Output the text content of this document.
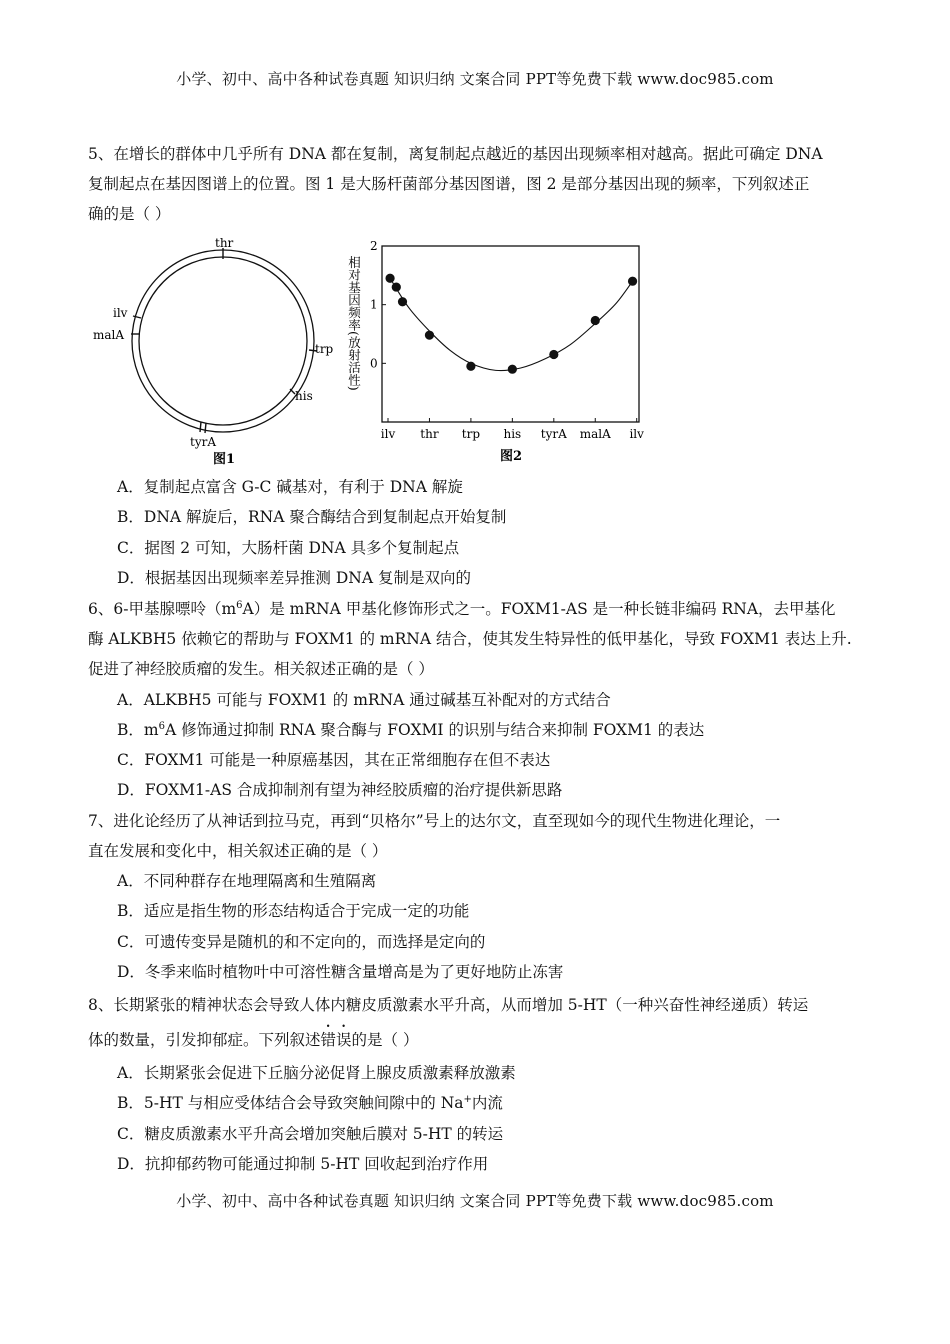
小学、初中、高中各种试卷真题 知识归纳 文案合同 PPT等免费下载 www.doc985.com
5、在增长的群体中几乎所有 DNA 都在复制，离复制起点越近的基因出现频率相对越高。据此可确定 DNA
复制起点在基因图谱上的位置。图 1 是大肠杆菌部分基因图谱，图 2 是部分基因出现的频率，下列叙述正
确的是（ ）
thr
ilv
malA
trp
his
tyrA
图1
2
1
0
ilv thr trp his tyrA malA ilv
相对基因频率(放射活性)
图2
A．复制起点富含 G-C 碱基对，有利于 DNA 解旋
B．DNA 解旋后，RNA 聚合酶结合到复制起点开始复制
C．据图 2 可知，大肠杆菌 DNA 具多个复制起点
D．根据基因出现频率差异推测 DNA 复制是双向的
6、6-甲基腺嘌呤$(m^6A)$是 mRNA 甲基化修饰形式之一。FOXM1-AS 是一种长链非编码 RNA，去甲基化
酶 ALKBH5 依赖它的帮助与 FOXM1 的 mRNA 结合，使其发生特异性的低甲基化，导致 FOXM1 表达上升.
促进了神经胶质瘤的发生。相关叙述正确的是（ ）
A．ALKBH5 可能与 FOXM1 的 mRNA 通过碱基互补配对的方式结合
B．$m^6A$ 修饰通过抑制 RNA 聚合酶与 FOXMI 的识别与结合来抑制 FOXM1 的表达
C．FOXM1 可能是一种原癌基因，其在正常细胞存在但不表达
D．FOXM1-AS 合成抑制剂有望为神经胶质瘤的治疗提供新思路
7、进化论经历了从神话到拉马克，再到“贝格尔”号上的达尔文，直至现如今的现代生物进化理论，一
直在发展和变化中，相关叙述正确的是（ ）
A．不同种群存在地理隔离和生殖隔离
B．适应是指生物的形态结构适合于完成一定的功能
C．可遗传变异是随机的和不定向的，而选择是定向的
D．冬季来临时植物叶中可溶性糖含量增高是为了更好地防止冻害
8、长期紧张的精神状态会导致人体内糖皮质激素水平升高，从而增加 5-HT（一种兴奋性神经递质）转运
体的数量，引发抑郁症。下列叙述错误的是（ ）
A．长期紧张会促进下丘脑分泌促肾上腺皮质激素释放激素
B．5-HT 与相应受体结合会导致突触间隙中的 Na+内流
C．糖皮质激素水平升高会增加突触后膜对 5-HT 的转运
D．抗抑郁药物可能通过抑制 5-HT 回收起到治疗作用
小学、初中、高中各种试卷真题 知识归纳 文案合同 PPT等免费下载 www.doc985.com
